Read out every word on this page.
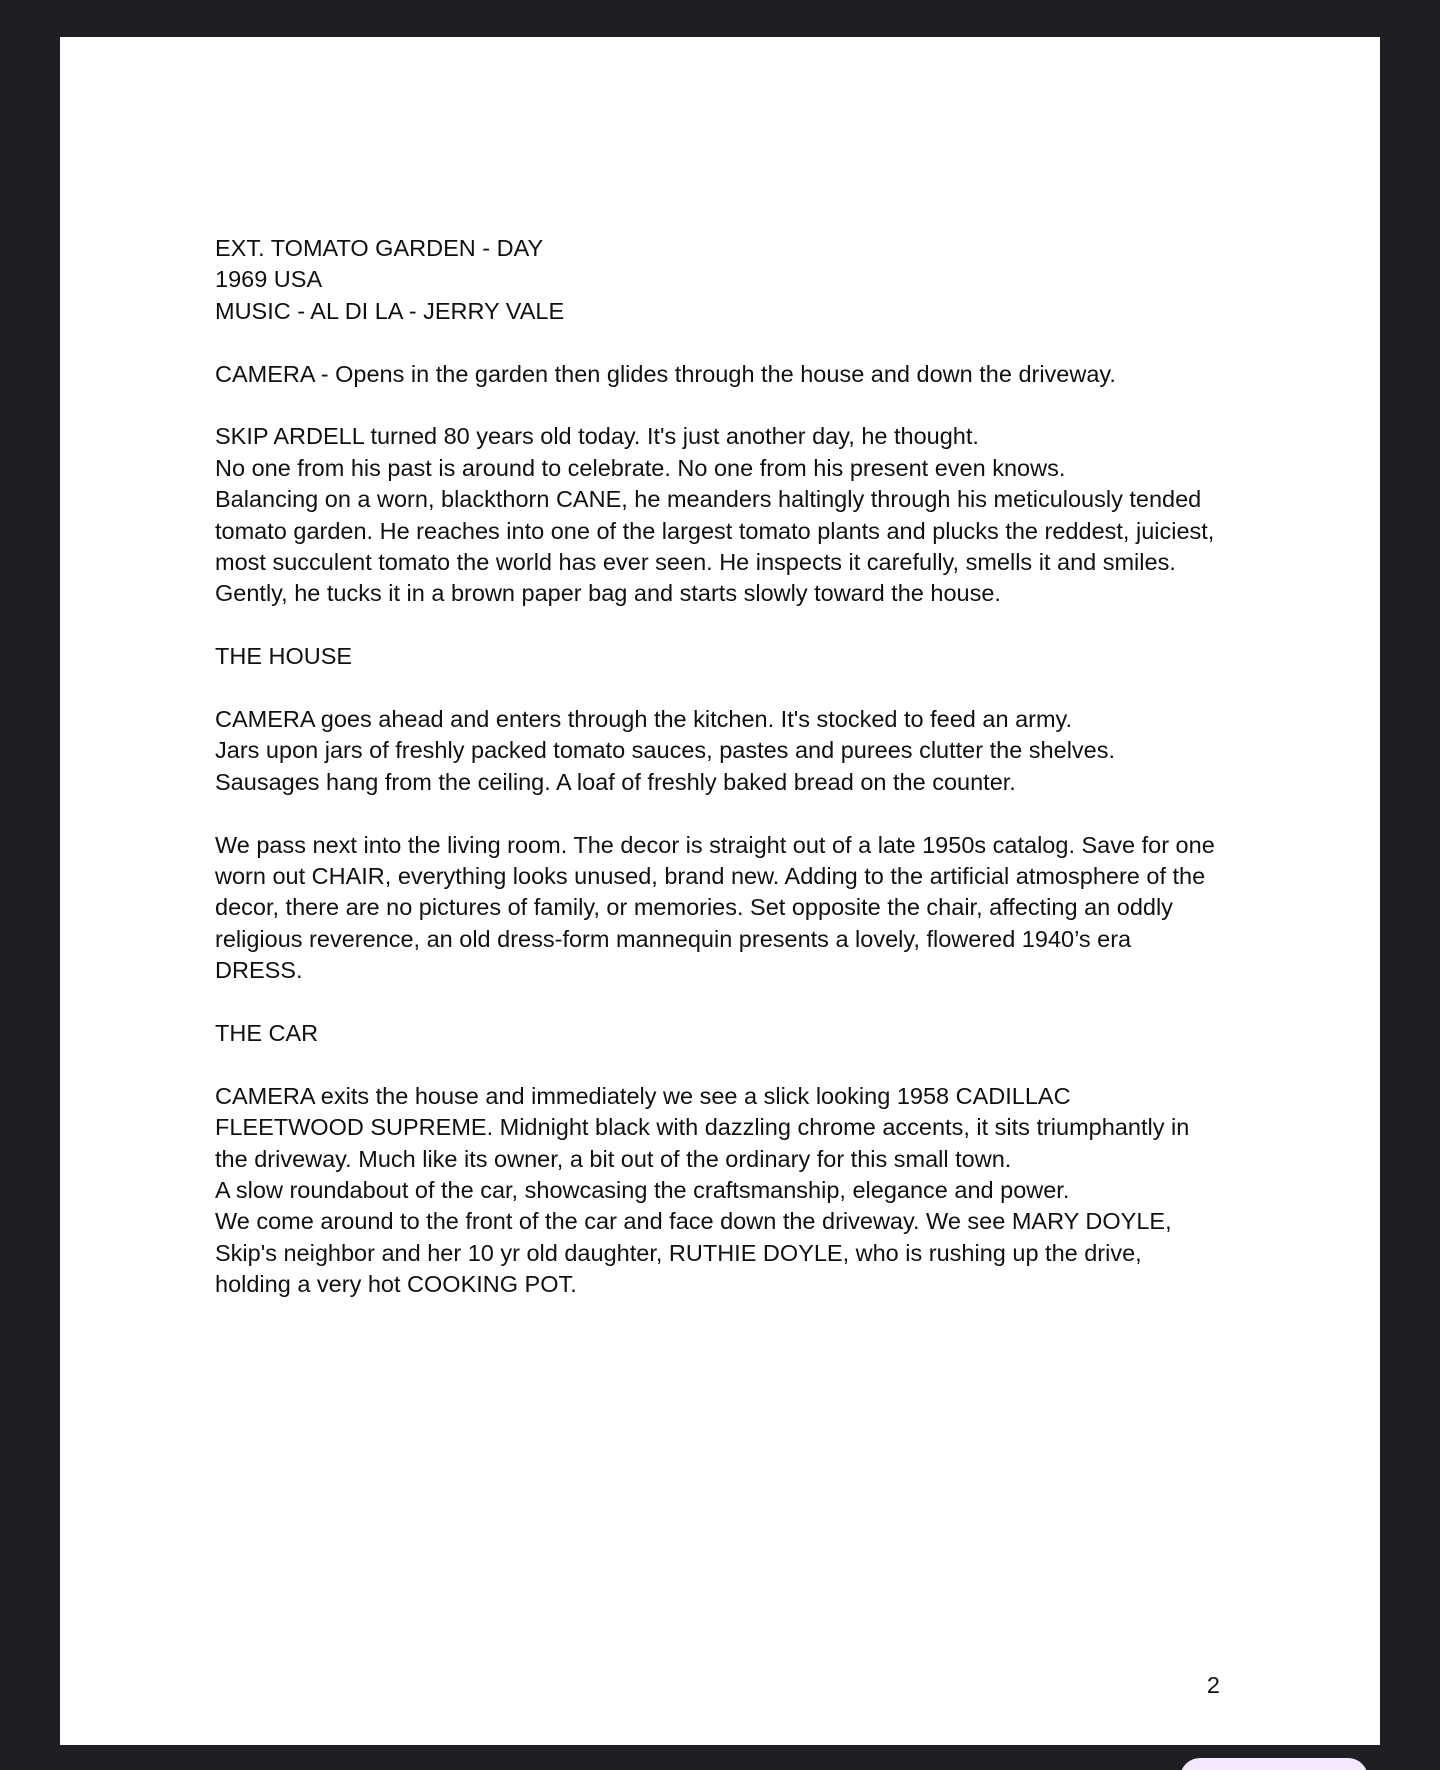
EXT. TOMATO GARDEN - DAY
1969 USA
MUSIC - AL DI LA - JERRY VALE
CAMERA - Opens in the garden then glides through the house and down the driveway.
SKIP ARDELL turned 80 years old today. It's just another day, he thought.
No one from his past is around to celebrate. No one from his present even knows.
Balancing on a worn, blackthorn CANE, he meanders haltingly through his meticulously tended
tomato garden. He reaches into one of the largest tomato plants and plucks the reddest, juiciest,
most succulent tomato the world has ever seen. He inspects it carefully, smells it and smiles.
Gently, he tucks it in a brown paper bag and starts slowly toward the house.
THE HOUSE
CAMERA goes ahead and enters through the kitchen. It's stocked to feed an army.
Jars upon jars of freshly packed tomato sauces, pastes and purees clutter the shelves.
Sausages hang from the ceiling. A loaf of freshly baked bread on the counter.
We pass next into the living room. The decor is straight out of a late 1950s catalog. Save for one
worn out CHAIR, everything looks unused, brand new. Adding to the artificial atmosphere of the
decor, there are no pictures of family, or memories. Set opposite the chair, affecting an oddly
religious reverence, an old dress-form mannequin presents a lovely, flowered 1940’s era
DRESS.
THE CAR
CAMERA exits the house and immediately we see a slick looking 1958 CADILLAC
FLEETWOOD SUPREME. Midnight black with dazzling chrome accents, it sits triumphantly in
the driveway. Much like its owner, a bit out of the ordinary for this small town.
A slow roundabout of the car, showcasing the craftsmanship, elegance and power.
We come around to the front of the car and face down the driveway. We see MARY DOYLE,
Skip's neighbor and her 10 yr old daughter, RUTHIE DOYLE, who is rushing up the drive,
holding a very hot COOKING POT.
2
